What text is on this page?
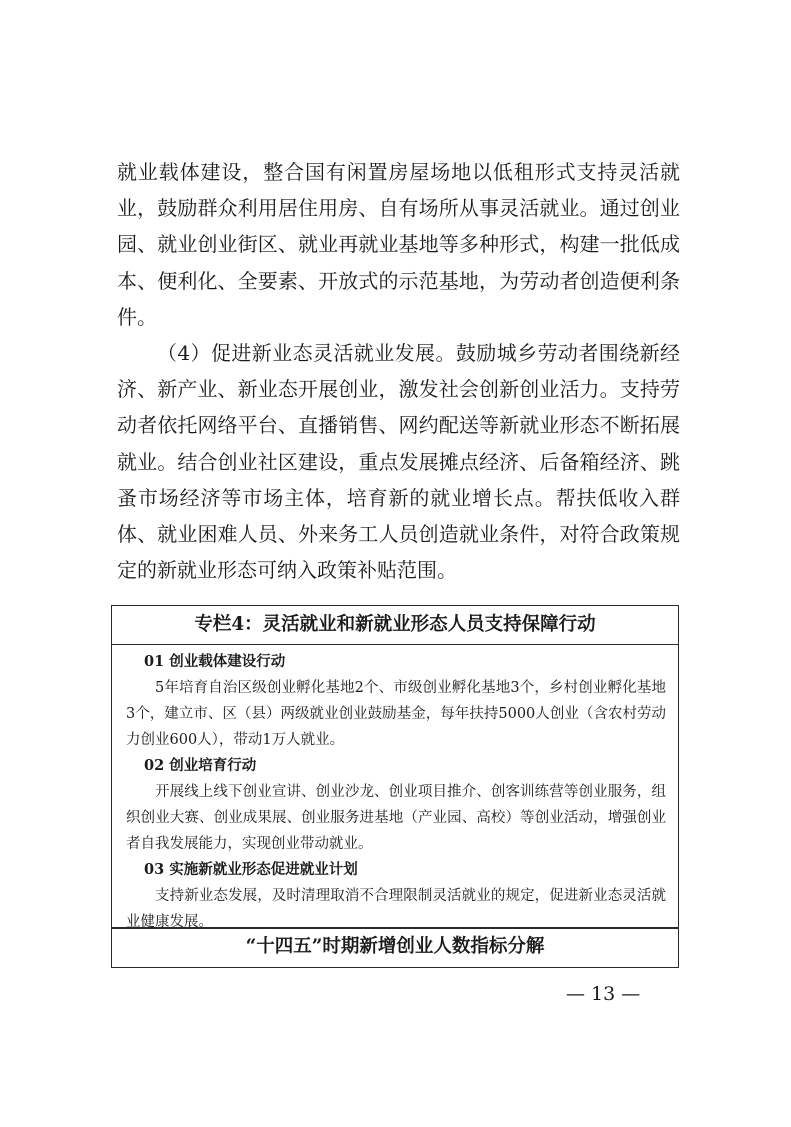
就业载体建设，整合国有闲置房屋场地以低租形式支持灵活就业，鼓励群众利用居住用房、自有场所从事灵活就业。通过创业园、就业创业街区、就业再就业基地等多种形式，构建一批低成本、便利化、全要素、开放式的示范基地，为劳动者创造便利条件。
（4）促进新业态灵活就业发展。鼓励城乡劳动者围绕新经济、新产业、新业态开展创业，激发社会创新创业活力。支持劳动者依托网络平台、直播销售、网约配送等新就业形态不断拓展就业。结合创业社区建设，重点发展摊点经济、后备箱经济、跳蚤市场经济等市场主体，培育新的就业增长点。帮扶低收入群体、就业困难人员、外来务工人员创造就业条件，对符合政策规定的新就业形态可纳入政策补贴范围。
专栏4：灵活就业和新就业形态人员支持保障行动
01 创业载体建设行动
5年培育自治区级创业孵化基地2个、市级创业孵化基地3个，乡村创业孵化基地3个，建立市、区（县）两级就业创业鼓励基金，每年扶持5000人创业（含农村劳动力创业600人），带动1万人就业。
02 创业培育行动
开展线上线下创业宣讲、创业沙龙、创业项目推介、创客训练营等创业服务，组织创业大赛、创业成果展、创业服务进基地（产业园、高校）等创业活动，增强创业者自我发展能力，实现创业带动就业。
03 实施新就业形态促进就业计划
支持新业态发展，及时清理取消不合理限制灵活就业的规定，促进新业态灵活就业健康发展。
“十四五”时期新增创业人数指标分解
— 13 —
